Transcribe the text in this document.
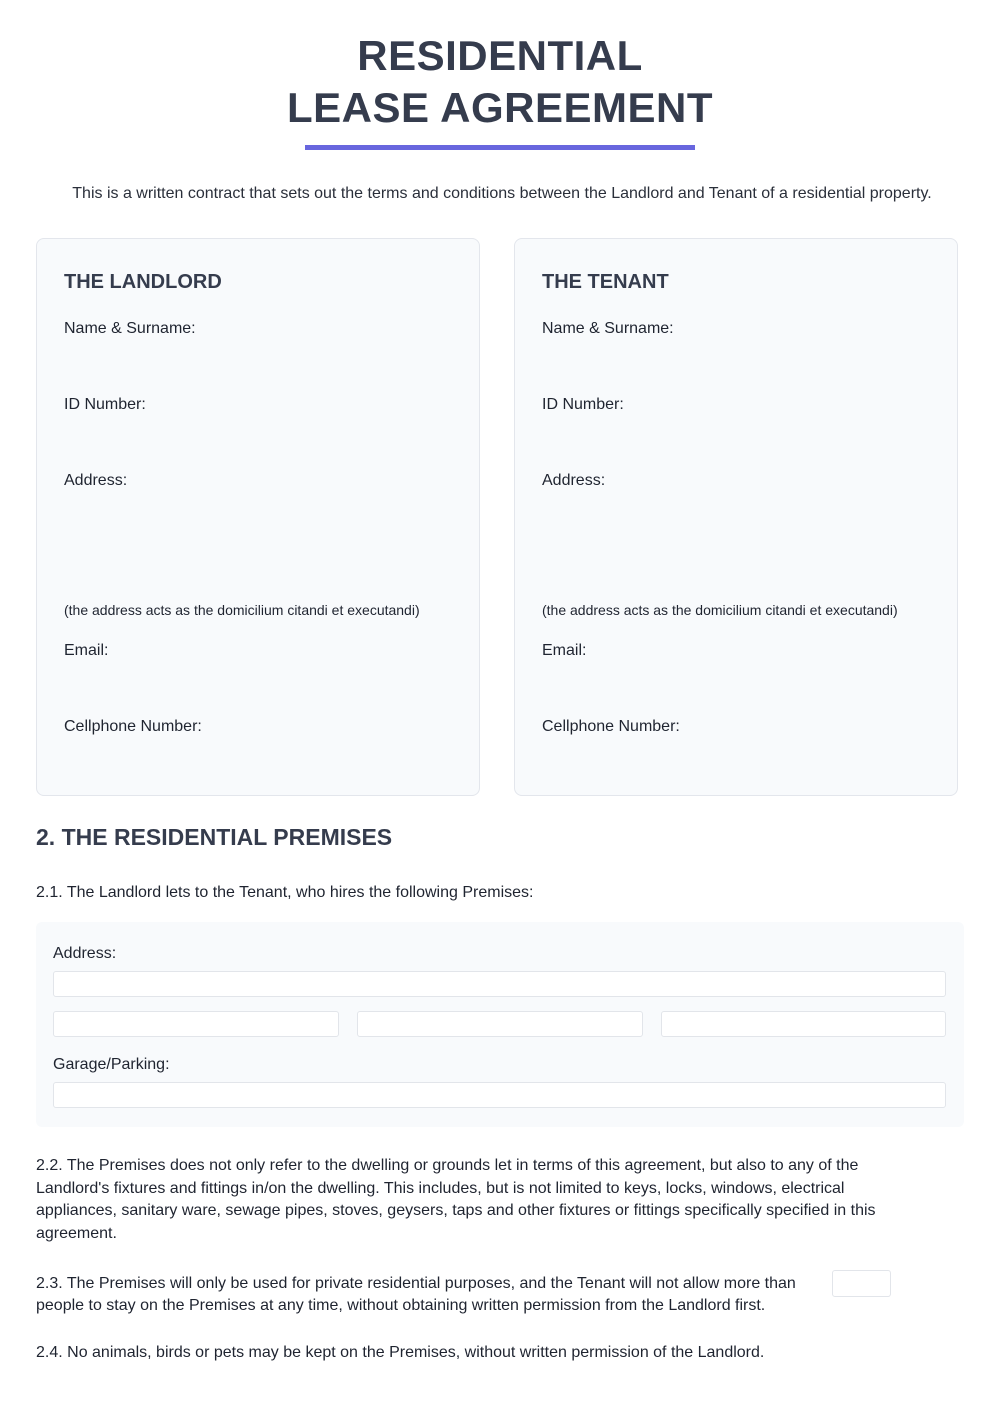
RESIDENTIAL
LEASE AGREEMENT

This is a written contract that sets out the terms and conditions between the Landlord and Tenant of a residential property.

THE LANDLORD

Name & Surname:

ID Number:

Address:

(the address acts as the domicilium citandi et executandi)

Email:

Cellphone Number:

THE TENANT

Name & Surname:

ID Number:

Address:

(the address acts as the domicilium citandi et executandi)

Email:

Cellphone Number:

2. THE RESIDENTIAL PREMISES

2.1. The Landlord lets to the Tenant, who hires the following Premises:

Address:

Garage/Parking:

2.2. The Premises does not only refer to the dwelling or grounds let in terms of this agreement, but also to any of the Landlord's fixtures and fittings in/on the dwelling. This includes, but is not limited to keys, locks, windows, electrical appliances, sanitary ware, sewage pipes, stoves, geysers, taps and other fixtures or fittings specifically specified in this agreement.

2.3. The Premises will only be used for private residential purposes, and the Tenant will not allow more than

people to stay on the Premises at any time, without obtaining written permission from the Landlord first.

2.4. No animals, birds or pets may be kept on the Premises, without written permission of the Landlord.
